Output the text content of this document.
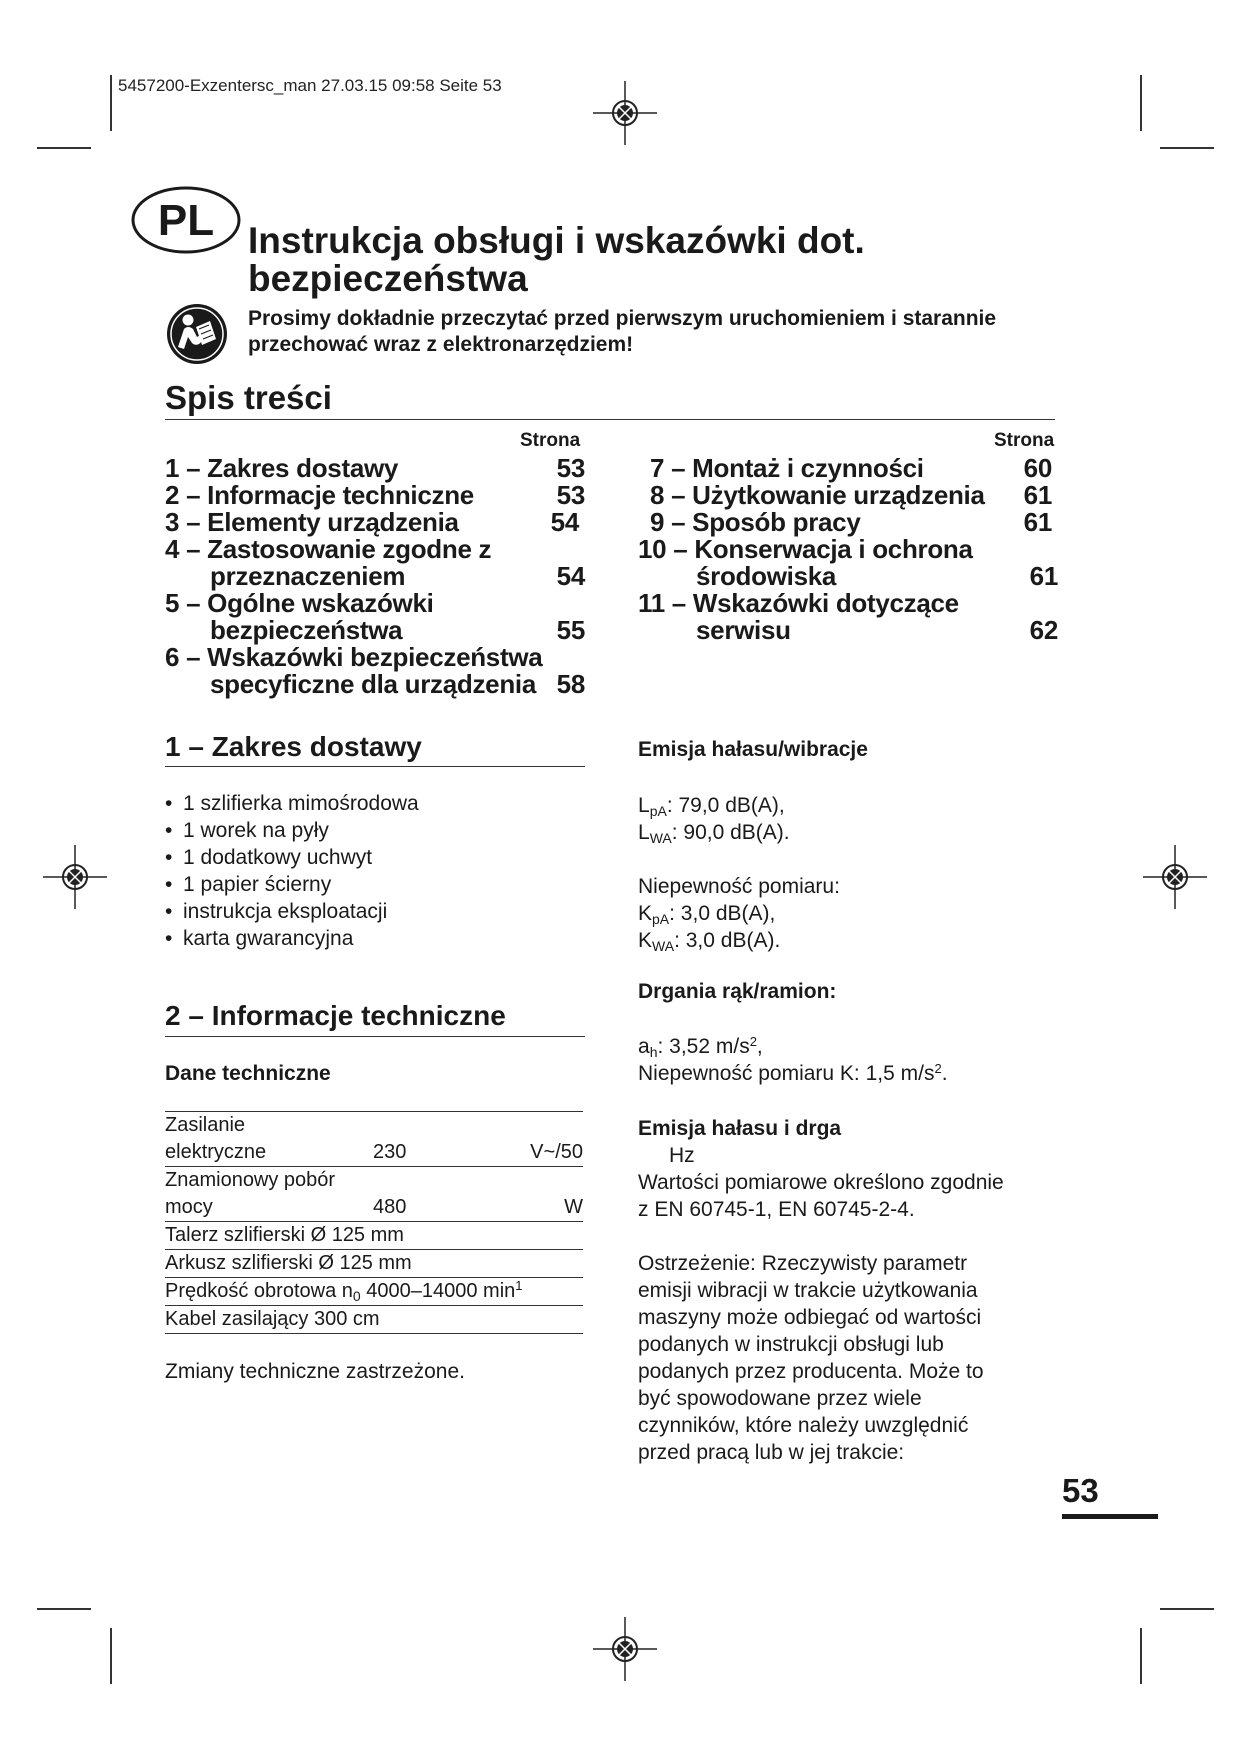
5457200-Exzentersc_man 27.03.15 09:58 Seite 53
PL Instrukcja obsługi i wskazówki dot. bezpieczeństwa
Prosimy dokładnie przeczytać przed pierwszym uruchomieniem i starannie przechować wraz z elektronarzędziem!
Spis treści
Strona	Strona
1 – Zakres dostawy	53
2 – Informacje techniczne	53
3 – Elementy urządzenia	54
4 – Zastosowanie zgodne z
przeznaczeniem	54
5 – Ogólne wskazówki
bezpieczeństwa	55
6 – Wskazówki bezpieczeństwa
specyficzne dla urządzenia 58
7 – Montaż i czynności	60
8 – Użytkowanie urządzenia 61
9 – Sposób pracy	61
10 – Konserwacja i ochrona
środowiska	61
11 – Wskazówki dotyczące
serwisu	62
1 – Zakres dostawy
• 1 szlifierka mimośrodowa
• 1 worek na pyły
• 1 dodatkowy uchwyt
• 1 papier ścierny
• instrukcja eksploatacji
• karta gwarancyjna
2 – Informacje techniczne
Dane techniczne
Zasilanie
elektryczne	230	V~/50
Znamionowy pobór
mocy	480	W
Talerz szlifierski Ø 125 mm
Arkusz szlifierski Ø 125 mm
Prędkość obrotowa $n_0$ 4000–14000 $\min^1$
Kabel zasilający 300 cm
Zmiany techniczne zastrzeżone.
Emisja hałasu/wibracje
$L_{pA}$: 79,0 dB(A),
$L_{WA}$: 90,0 dB(A).
Niepewność pomiaru:
$K_{pA}$: 3,0 dB(A),
$K_{WA}$: 3,0 dB(A).
Drgania rąk/ramion:
$a_h$: 3,52 $m/s^2$,
Niepewność pomiaru K: 1,5 $m/s^2$.
Emisja hałasu i drga
Hz
Wartości pomiarowe określono zgodnie
z EN 60745-1, EN 60745-2-4.
Ostrzeżenie: Rzeczywisty parametr
emisji wibracji w trakcie użytkowania
maszyny może odbiegać od wartości
podanych w instrukcji obsługi lub
podanych przez producenta. Może to
być spowodowane przez wiele
czynników, które należy uwzględnić
przed pracą lub w jej trakcie:
53
